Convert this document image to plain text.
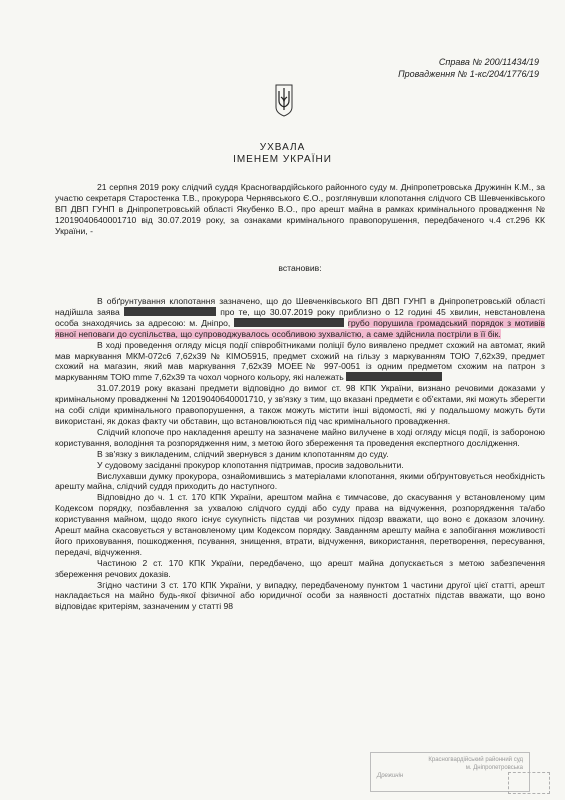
Справа № 200/11434/19
Провадження № 1-кс/204/1776/19
УХВАЛА
ІМЕНЕМ УКРАЇНИ

21 серпня 2019 року слідчий суддя Красногвардійського районного суду м. Дніпропетровська Дружинін К.М., за участю секретаря Старостенка Т.В., прокурора Чернявського Є.О., розглянувши клопотання слідчого СВ Шевченківського ВП ДВП ГУНП в Дніпропетровській області Якубенко В.О., про арешт майна в рамках кримінального провадження № 12019040640001710 від 30.07.2019 року, за ознаками кримінального правопорушення, передбаченого ч.4 ст.296 КК України, -

встановив:

В обґрунтування клопотання зазначено, що до Шевченківського ВП ДВП ГУНП в Дніпропетровській області надійшла заява	про те, що 30.07.2019 року приблизно о 12 годині 45 хвилин, невстановлена особа знаходячись за адресою: м. Дніпро,	грубо порушила громадський порядок з мотивів явної неповаги до суспільства, що супроводжувалось особливою зухвалістю, а саме здійснила постріли в її бік.

В ході проведення огляду місця події співробітниками поліції було виявлено предмет схожий на автомат, який мав маркування МКМ-072с6 7,62х39 № КІМО5915, предмет схожий на гільзу з маркуванням ТОЮ 7,62х39, предмет схожий на магазин, який мав маркування 7,62х39 МОЕЕ№ 997-0051 із одним предметом схожим на патрон з маркуванням ТОЮ mme 7,62х39 та чохол чорного кольору, які належать

31.07.2019 року вказані предмети відповідно до вимог ст. 98 КПК України, визнано речовими доказами у кримінальному провадженні № 12019040640001710, у зв'язку з тим, що вказані предмети є об'єктами, які можуть зберегти на собі сліди кримінального правопорушення, а також можуть містити інші відомості, які у подальшому можуть бути використані, як доказ факту чи обставин, що встановлюються під час кримінального провадження.

Слідчий клопоче про накладення арешту на зазначене майно вилучене в ході огляду місця події, із забороною користування, володіння та розпорядження ним, з метою його збереження та проведення експертного дослідження.

В зв'язку з викладеним, слідчий звернувся з даним клопотанням до суду.

У судовому засіданні прокурор клопотання підтримав, просив задовольнити.

Вислухавши думку прокурора, ознайомившись з матеріалами клопотання, якими обґрунтовується необхідність арешту майна, слідчий суддя приходить до наступного.

Відповідно до ч. 1 ст. 170 КПК України, арештом майна є тимчасове, до скасування у встановленому цим Кодексом порядку, позбавлення за ухвалою слідчого судді або суду права на відчуження, розпорядження та/або користування майном, щодо якого існує сукупність підстав чи розумних підозр вважати, що воно є доказом злочину. Арешт майна скасовується у встановленому цим Кодексом порядку. Завданням арешту майна є запобігання можливості його приховування, пошкодження, псування, знищення, втрати, відчуження, використання, перетворення, пересування, передачі, відчуження.

Частиною 2 ст. 170 КПК України, передбачено, що арешт майна допускається з метою забезпечення збереження речових доказів.

Згідно частини 3 ст. 170 КПК України, у випадку, передбаченому пунктом 1 частини другої цієї статті, арешт накладається на майно будь-якої фізичної або юридичної особи за наявності достатніх підстав вважати, що воно відповідає критеріям, зазначеним у статті 98

Красногвардійський районний суд
м. Дніпропетровська
Дрежинін
